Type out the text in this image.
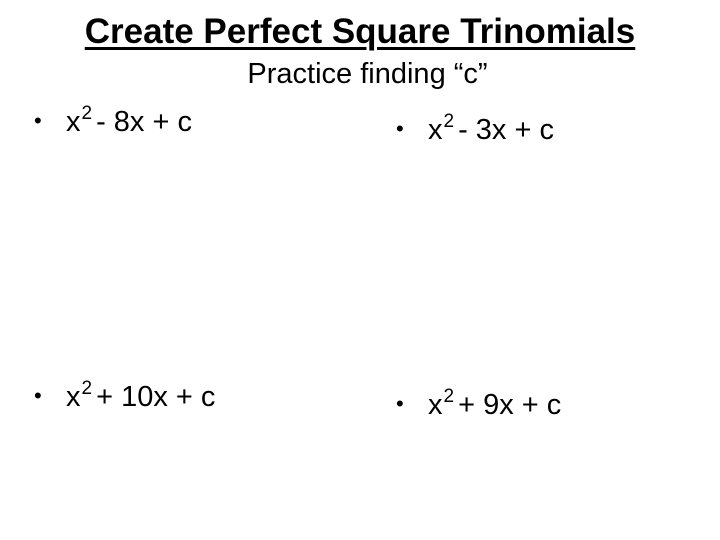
Create Perfect Square Trinomials
Practice finding “c”
• $x^2 - 8x + c$	• $x^2 - 3x + c$
• $x^2 + 10x + c$	• $x^2 + 9x + c$
